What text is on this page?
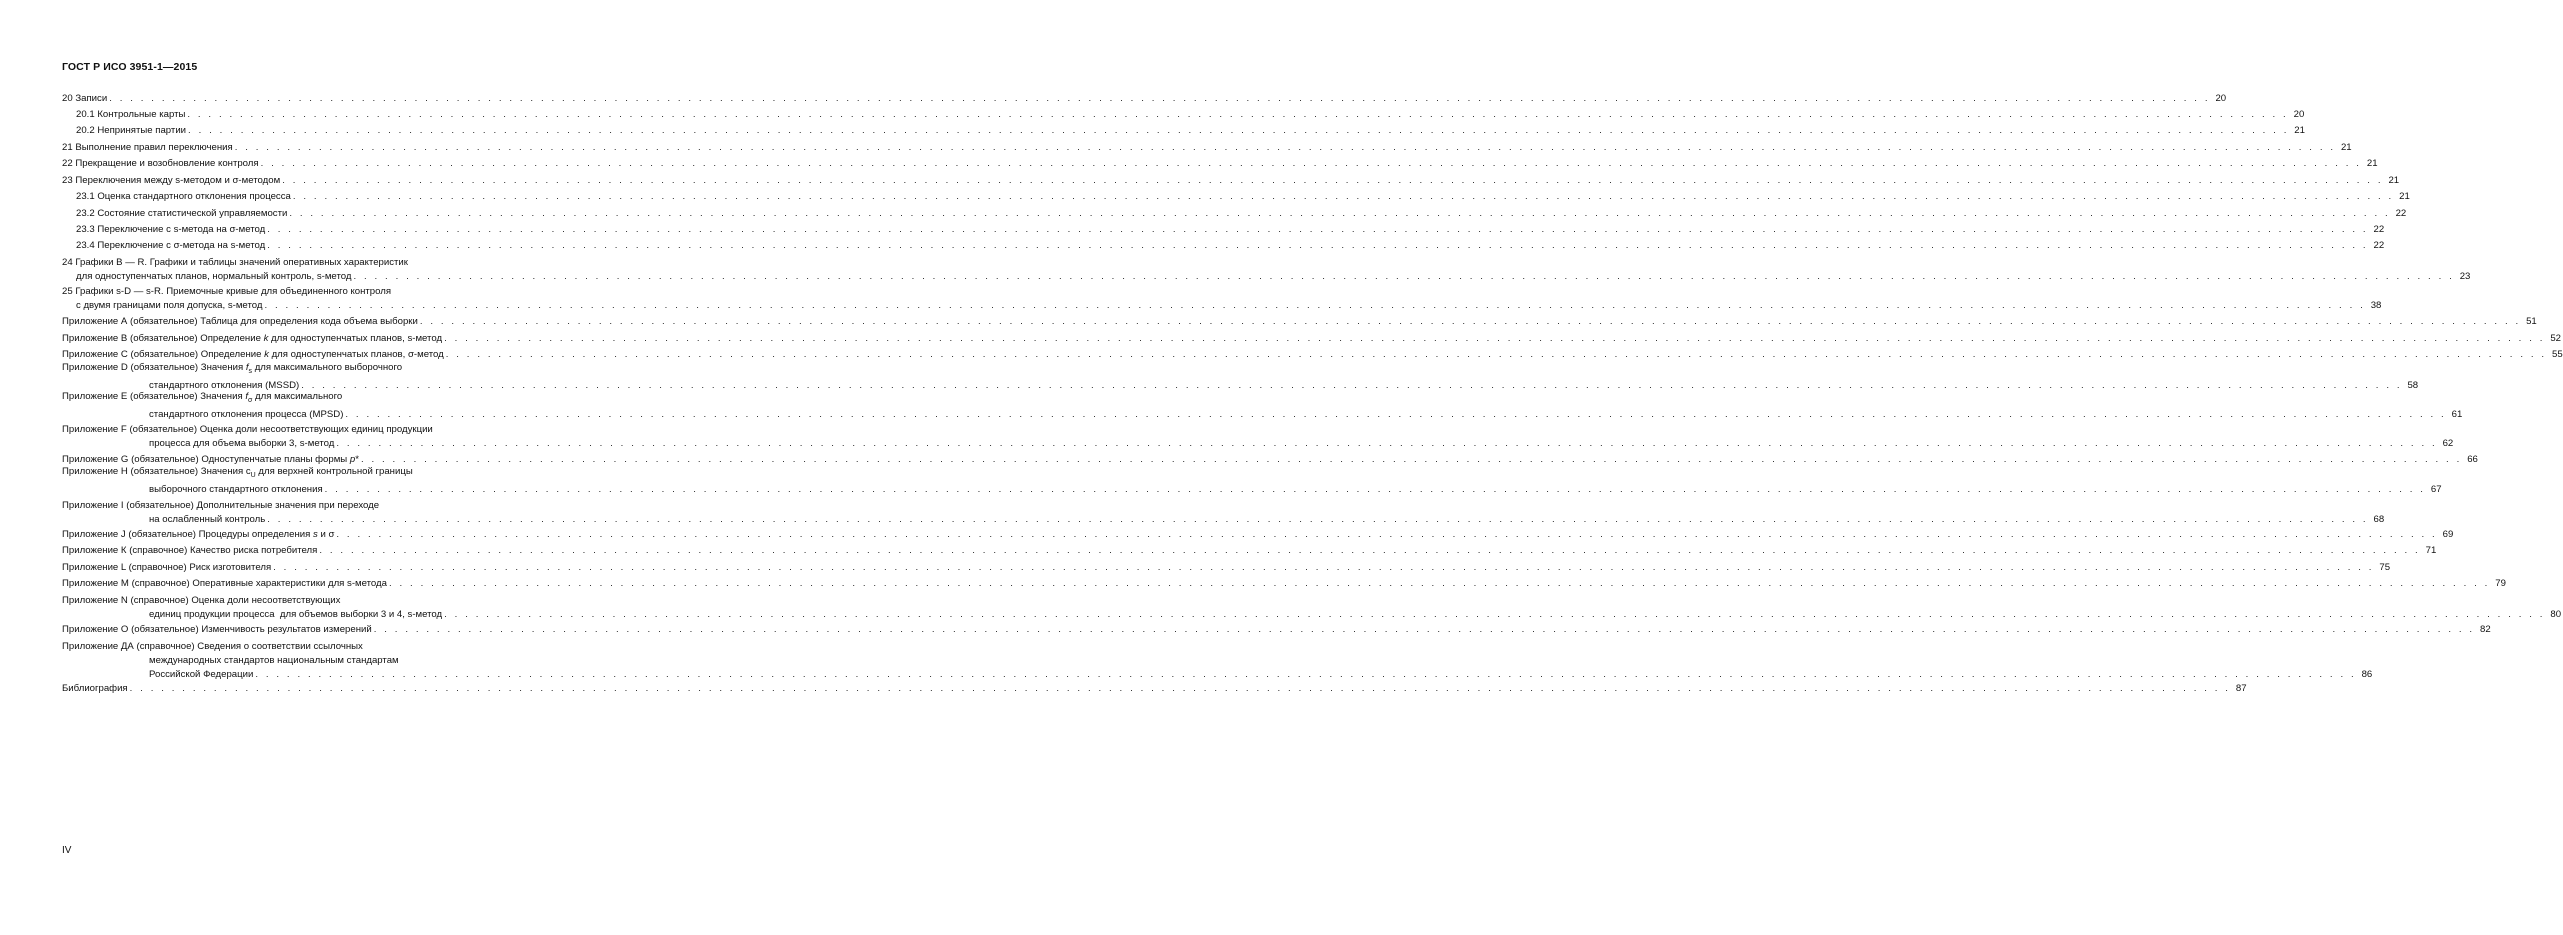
ГОСТ Р ИСО 3951-1—2015
20 Записи . . . . . . . . . . . . . . . . . . . . . . . . . . . . . . . . . . . . . . . . . . . . . . . . . . . . . . . . . . . . . . . . . . . . . . . . . . . . . . . . . . . . . . . . . . . . . . . . . . . . . . . . . . . . . . . . . . . . . . . . . . . . . . . . . . . . . . . . . . . . . . . . . . . . . . . . . . . . . . . . . . . . . . . . . . . . . . . . . . . . . . . . . . . . . . . . . . . . . . . . 20
20.1 Контрольные карты . . . . . . . . . . . . . . . . . . . . . . . . . . . . . . . . . . . . . . . . . . . . . . . . . . . . . . . . . . . . . . . . . . . . . . . . . . . . . . . . . . . . . . . . . . . . . . . . . . . . . . . . . . . . . . . . . . . . . . . . . . . . . . . . . . . . . . . . . . . . . . . . . . . . . . . . . . . . . . . . . . . . . . . . . . . . . . . . . . . . . . . . . . . . . . . . . . . . . . . . 20
20.2 Непринятые партии . . . . . . . . . . . . . . . . . . . . . . . . . . . . . . . . . . . . . . . . . . . . . . . . . . . . . . . . . . . . . . . . . . . . . . . . . . . . . . . . . . . . . . . . . . . . . . . . . . . . . . . . . . . . . . . . . . . . . . . . . . . . . . . . . . . . . . . . . . . . . . . . . . . . . . . . . . . . . . . . . . . . . . . . . . . . . . . . . . . . . . . . . . . . . . . . . . . . . . . . 21
21 Выполнение правил переключения . . . . . . . . . . . . . . . . . . . . . . . . . . . . . . . . . . . . . . . . . . . . . . . . . . . . . . . . . . . . . . . . . . . . . . . . . . . . . . . . . . . . . . . . . . . . . . . . . . . . . . . . . . . . . . . . . . . . . . . . . . . . . . . . . . . . . . . . . . . . . . . . . . . . . . . . . . . . . . . . . . . . . . . . . . . . . . . . . . . . . . . . . . . . . . . . . . . . . . . . 21
22 Прекращение и возобновление контроля . . . . . . . . . . . . . . . . . . . . . . . . . . . . . . . . . . . . . . . . . . . . . . . . . . . . . . . . . . . . . . . . . . . . . . . . . . . . . . . . . . . . . . . . . . . . . . . . . . . . . . . . . . . . . . . . . . . . . . . . . . . . . . . . . . . . . . . . . . . . . . . . . . . . . . . . . . . . . . . . . . . . . . . . . . . . . . . . . . . . . . . . . . . . . . . . . . . . . . . . 21
23 Переключения между s-методом и σ-методом . . . . . . . . . . . . . . . . . . . . . . . . . . . . . . . . . . . . . . . . . . . . . . . . . . . . . . . . . . . . . . . . . . . . . . . . . . . . . . . . . . . . . . . . . . . . . . . . . . . . . . . . . . . . . . . . . . . . . . . . . . . . . . . . . . . . . . . . . . . . . . . . . . . . . . . . . . . . . . . . . . . . . . . . . . . . . . . . . . . . . . . . . . . . . . . . . . . . . . . . 21
23.1 Оценка стандартного отклонения процесса . . . . . . . . . . . . . . . . . . . . . . . . . . . . . . . . . . . . . . . . . . . . . . . . . . . . . . . . . . . . . . . . . . . . . . . . . . . . . . . . . . . . . . . . . . . . . . . . . . . . . . . . . . . . . . . . . . . . . . . . . . . . . . . . . . . . . . . . . . . . . . . . . . . . . . . . . . . . . . . . . . . . . . . . . . . . . . . . . . . . . . . . . . . . . . . . . . . . . . . . 21
23.2 Состояние статистической управляемости . . . . . . . . . . . . . . . . . . . . . . . . . . . . . . . . . . . . . . . . . . . . . . . . . . . . . . . . . . . . . . . . . . . . . . . . . . . . . . . . . . . . . . . . . . . . . . . . . . . . . . . . . . . . . . . . . . . . . . . . . . . . . . . . . . . . . . . . . . . . . . . . . . . . . . . . . . . . . . . . . . . . . . . . . . . . . . . . . . . . . . . . . . . . . . . . . . . . . . . . 22
23.3 Переключение с s-метода на σ-метод . . . . . . . . . . . . . . . . . . . . . . . . . . . . . . . . . . . . . . . . . . . . . . . . . . . . . . . . . . . . . . . . . . . . . . . . . . . . . . . . . . . . . . . . . . . . . . . . . . . . . . . . . . . . . . . . . . . . . . . . . . . . . . . . . . . . . . . . . . . . . . . . . . . . . . . . . . . . . . . . . . . . . . . . . . . . . . . . . . . . . . . . . . . . . . . . . . . . . . . . 22
23.4 Переключение с σ-метода на s-метод . . . . . . . . . . . . . . . . . . . . . . . . . . . . . . . . . . . . . . . . . . . . . . . . . . . . . . . . . . . . . . . . . . . . . . . . . . . . . . . . . . . . . . . . . . . . . . . . . . . . . . . . . . . . . . . . . . . . . . . . . . . . . . . . . . . . . . . . . . . . . . . . . . . . . . . . . . . . . . . . . . . . . . . . . . . . . . . . . . . . . . . . . . . . . . . . . . . . . . . . 22
24 Графики B — R. Графики и таблицы значений оперативных характеристик
для одноступенчатых планов, нормальный контроль, s-метод . . . . . . . . . . . . . . . . . . . . . . . . . . . . . . . . . . . . . . . . . . . . . . . . . . . . . . . . . . . . . . . . . . . . . . . . . . . . . . . . . . . . . . . . . . . . . . . . . . . . . . . . . . . . . . . . . . . . . . . . . . . . . . . . . . . . . . . . . . . . . . . . . . . . . . . . . . . . . . . . . . . . . . . . . . . . . . . . . . . . . . . . . . . . . . . . . . . . . . . . 23
25 Графики s-D — s-R. Приемочные кривые для объединенного контроля
с двумя границами поля допуска, s-метод . . . . . . . . . . . . . . . . . . . . . . . . . . . . . . . . . . . . . . . . . . . . . . . . . . . . . . . . . . . . . . . . . . . . . . . . . . . . . . . . . . . . . . . . . . . . . . . . . . . . . . . . . . . . . . . . . . . . . . . . . . . . . . . . . . . . . . . . . . . . . . . . . . . . . . . . . . . . . . . . . . . . . . . . . . . . . . . . . . . . . . . . . . . . . . . . . . . . . . . . 38
Приложение А (обязательное) Таблица для определения кода объема выборки . . . . . . . . . . . . . . . . . . . . . . . . . . . . . . . . . . . . . . . . . . . . . . . . . . . . . . . . . . . . . . . . . . . . . . . . . . . . . . . . . . . . . . . . . . . . . . . . . . . . . . . . . . . . . . . . . . . . . . . . . . . . . . . . . . . . . . . . . . . . . . . . . . . . . . . . . . . . . . . . . . . . . . . . . . . . . . . . . . . . . . . . . . . . . . . . . . . . . . . . 51
Приложение В (обязательное) Определение k для одноступенчатых планов, s-метод . . . . . . . . . . . . . . . . . . . . . . . . . . . . . . . . . . . . . . . . . . . . . . . . . . . . . . . . . . . . . . . . . . . . . . . . . . . . . . . . . . . . . . . . . . . . . . . . . . . . . . . . . . . . . . . . . . . . . . . . . . . . . . . . . . . . . . . . . . . . . . . . . . . . . . . . . . . . . . . . . . . . . . . . . . . . . . . . . . . . . . . . . . . . . . . . . . . . . . . . 52
Приложение С (обязательное) Определение k для одноступенчатых планов, σ-метод . . . . . . . . . . . . . . . . . . . . . . . . . . . . . . . . . . . . . . . . . . . . . . . . . . . . . . . . . . . . . . . . . . . . . . . . . . . . . . . . . . . . . . . . . . . . . . . . . . . . . . . . . . . . . . . . . . . . . . . . . . . . . . . . . . . . . . . . . . . . . . . . . . . . . . . . . . . . . . . . . . . . . . . . . . . . . . . . . . . . . . . . . . . . . . . . . . . . . . . . 55
Приложение D (обязательное) Значения $f_s$ для максимального выборочного
стандартного отклонения (MSSD) . . . . . . . . . . . . . . . . . . . . . . . . . . . . . . . . . . . . . . . . . . . . . . . . . . . . . . . . . . . . . . . . . . . . . . . . . . . . . . . . . . . . . . . . . . . . . . . . . . . . . . . . . . . . . . . . . . . . . . . . . . . . . . . . . . . . . . . . . . . . . . . . . . . . . . . . . . . . . . . . . . . . . . . . . . . . . . . . . . . . . . . . . . . . . . . . . . . . . . . . 58
Приложение Е (обязательное) Значения $f_\sigma$ для максимального
стандартного отклонения процесса (MPSD) . . . . . . . . . . . . . . . . . . . . . . . . . . . . . . . . . . . . . . . . . . . . . . . . . . . . . . . . . . . . . . . . . . . . . . . . . . . . . . . . . . . . . . . . . . . . . . . . . . . . . . . . . . . . . . . . . . . . . . . . . . . . . . . . . . . . . . . . . . . . . . . . . . . . . . . . . . . . . . . . . . . . . . . . . . . . . . . . . . . . . . . . . . . . . . . . . . . . . . . . 61
Приложение F (обязательное) Оценка доли несоответствующих единиц продукции
процесса для объема выборки 3, s-метод . . . . . . . . . . . . . . . . . . . . . . . . . . . . . . . . . . . . . . . . . . . . . . . . . . . . . . . . . . . . . . . . . . . . . . . . . . . . . . . . . . . . . . . . . . . . . . . . . . . . . . . . . . . . . . . . . . . . . . . . . . . . . . . . . . . . . . . . . . . . . . . . . . . . . . . . . . . . . . . . . . . . . . . . . . . . . . . . . . . . . . . . . . . . . . . . . . . . . . . . 62
Приложение G (обязательное) Одноступенчатые планы формы p* . . . . . . . . . . . . . . . . . . . . . . . . . . . . . . . . . . . . . . . . . . . . . . . . . . . . . . . . . . . . . . . . . . . . . . . . . . . . . . . . . . . . . . . . . . . . . . . . . . . . . . . . . . . . . . . . . . . . . . . . . . . . . . . . . . . . . . . . . . . . . . . . . . . . . . . . . . . . . . . . . . . . . . . . . . . . . . . . . . . . . . . . . . . . . . . . . . . . . . . . 66
Приложение Н (обязательное) Значения $c_U$ для верхней контрольной границы
выборочного стандартного отклонения . . . . . . . . . . . . . . . . . . . . . . . . . . . . . . . . . . . . . . . . . . . . . . . . . . . . . . . . . . . . . . . . . . . . . . . . . . . . . . . . . . . . . . . . . . . . . . . . . . . . . . . . . . . . . . . . . . . . . . . . . . . . . . . . . . . . . . . . . . . . . . . . . . . . . . . . . . . . . . . . . . . . . . . . . . . . . . . . . . . . . . . . . . . . . . . . . . . . . . . . 67
Приложение I (обязательное) Дополнительные значения при переходе
на ослабленный контроль . . . . . . . . . . . . . . . . . . . . . . . . . . . . . . . . . . . . . . . . . . . . . . . . . . . . . . . . . . . . . . . . . . . . . . . . . . . . . . . . . . . . . . . . . . . . . . . . . . . . . . . . . . . . . . . . . . . . . . . . . . . . . . . . . . . . . . . . . . . . . . . . . . . . . . . . . . . . . . . . . . . . . . . . . . . . . . . . . . . . . . . . . . . . . . . . . . . . . . . . 68
Приложение J (обязательное) Процедуры определения s и σ . . . . . . . . . . . . . . . . . . . . . . . . . . . . . . . . . . . . . . . . . . . . . . . . . . . . . . . . . . . . . . . . . . . . . . . . . . . . . . . . . . . . . . . . . . . . . . . . . . . . . . . . . . . . . . . . . . . . . . . . . . . . . . . . . . . . . . . . . . . . . . . . . . . . . . . . . . . . . . . . . . . . . . . . . . . . . . . . . . . . . . . . . . . . . . . . . . . . . . . . 69
Приложение К (справочное) Качество риска потребителя . . . . . . . . . . . . . . . . . . . . . . . . . . . . . . . . . . . . . . . . . . . . . . . . . . . . . . . . . . . . . . . . . . . . . . . . . . . . . . . . . . . . . . . . . . . . . . . . . . . . . . . . . . . . . . . . . . . . . . . . . . . . . . . . . . . . . . . . . . . . . . . . . . . . . . . . . . . . . . . . . . . . . . . . . . . . . . . . . . . . . . . . . . . . . . . . . . . . . . . . 71
Приложение L (справочное) Риск изготовителя . . . . . . . . . . . . . . . . . . . . . . . . . . . . . . . . . . . . . . . . . . . . . . . . . . . . . . . . . . . . . . . . . . . . . . . . . . . . . . . . . . . . . . . . . . . . . . . . . . . . . . . . . . . . . . . . . . . . . . . . . . . . . . . . . . . . . . . . . . . . . . . . . . . . . . . . . . . . . . . . . . . . . . . . . . . . . . . . . . . . . . . . . . . . . . . . . . . . . . . . 75
Приложение М (справочное) Оперативные характеристики для s-метода . . . . . . . . . . . . . . . . . . . . . . . . . . . . . . . . . . . . . . . . . . . . . . . . . . . . . . . . . . . . . . . . . . . . . . . . . . . . . . . . . . . . . . . . . . . . . . . . . . . . . . . . . . . . . . . . . . . . . . . . . . . . . . . . . . . . . . . . . . . . . . . . . . . . . . . . . . . . . . . . . . . . . . . . . . . . . . . . . . . . . . . . . . . . . . . . . . . . . . . . 79
Приложение N (справочное) Оценка доли несоответствующих
единиц продукции процесса  для объемов выборки 3 и 4, s-метод . . . . . . . . . . . . . . . . . . . . . . . . . . . . . . . . . . . . . . . . . . . . . . . . . . . . . . . . . . . . . . . . . . . . . . . . . . . . . . . . . . . . . . . . . . . . . . . . . . . . . . . . . . . . . . . . . . . . . . . . . . . . . . . . . . . . . . . . . . . . . . . . . . . . . . . . . . . . . . . . . . . . . . . . . . . . . . . . . . . . . . . . . . . . . . . . . . . . . . . . 80
Приложение О (обязательное) Изменчивость результатов измерений . . . . . . . . . . . . . . . . . . . . . . . . . . . . . . . . . . . . . . . . . . . . . . . . . . . . . . . . . . . . . . . . . . . . . . . . . . . . . . . . . . . . . . . . . . . . . . . . . . . . . . . . . . . . . . . . . . . . . . . . . . . . . . . . . . . . . . . . . . . . . . . . . . . . . . . . . . . . . . . . . . . . . . . . . . . . . . . . . . . . . . . . . . . . . . . . . . . . . . . . 82
Приложение ДА (справочное) Сведения о соответствии ссылочных
международных стандартов национальным стандартам
Российской Федерации . . . . . . . . . . . . . . . . . . . . . . . . . . . . . . . . . . . . . . . . . . . . . . . . . . . . . . . . . . . . . . . . . . . . . . . . . . . . . . . . . . . . . . . . . . . . . . . . . . . . . . . . . . . . . . . . . . . . . . . . . . . . . . . . . . . . . . . . . . . . . . . . . . . . . . . . . . . . . . . . . . . . . . . . . . . . . . . . . . . . . . . . . . . . . . . . . . . . . . . . 86
Библиография . . . . . . . . . . . . . . . . . . . . . . . . . . . . . . . . . . . . . . . . . . . . . . . . . . . . . . . . . . . . . . . . . . . . . . . . . . . . . . . . . . . . . . . . . . . . . . . . . . . . . . . . . . . . . . . . . . . . . . . . . . . . . . . . . . . . . . . . . . . . . . . . . . . . . . . . . . . . . . . . . . . . . . . . . . . . . . . . . . . . . . . . . . . . . . . . . . . . . . . . 87
IV
